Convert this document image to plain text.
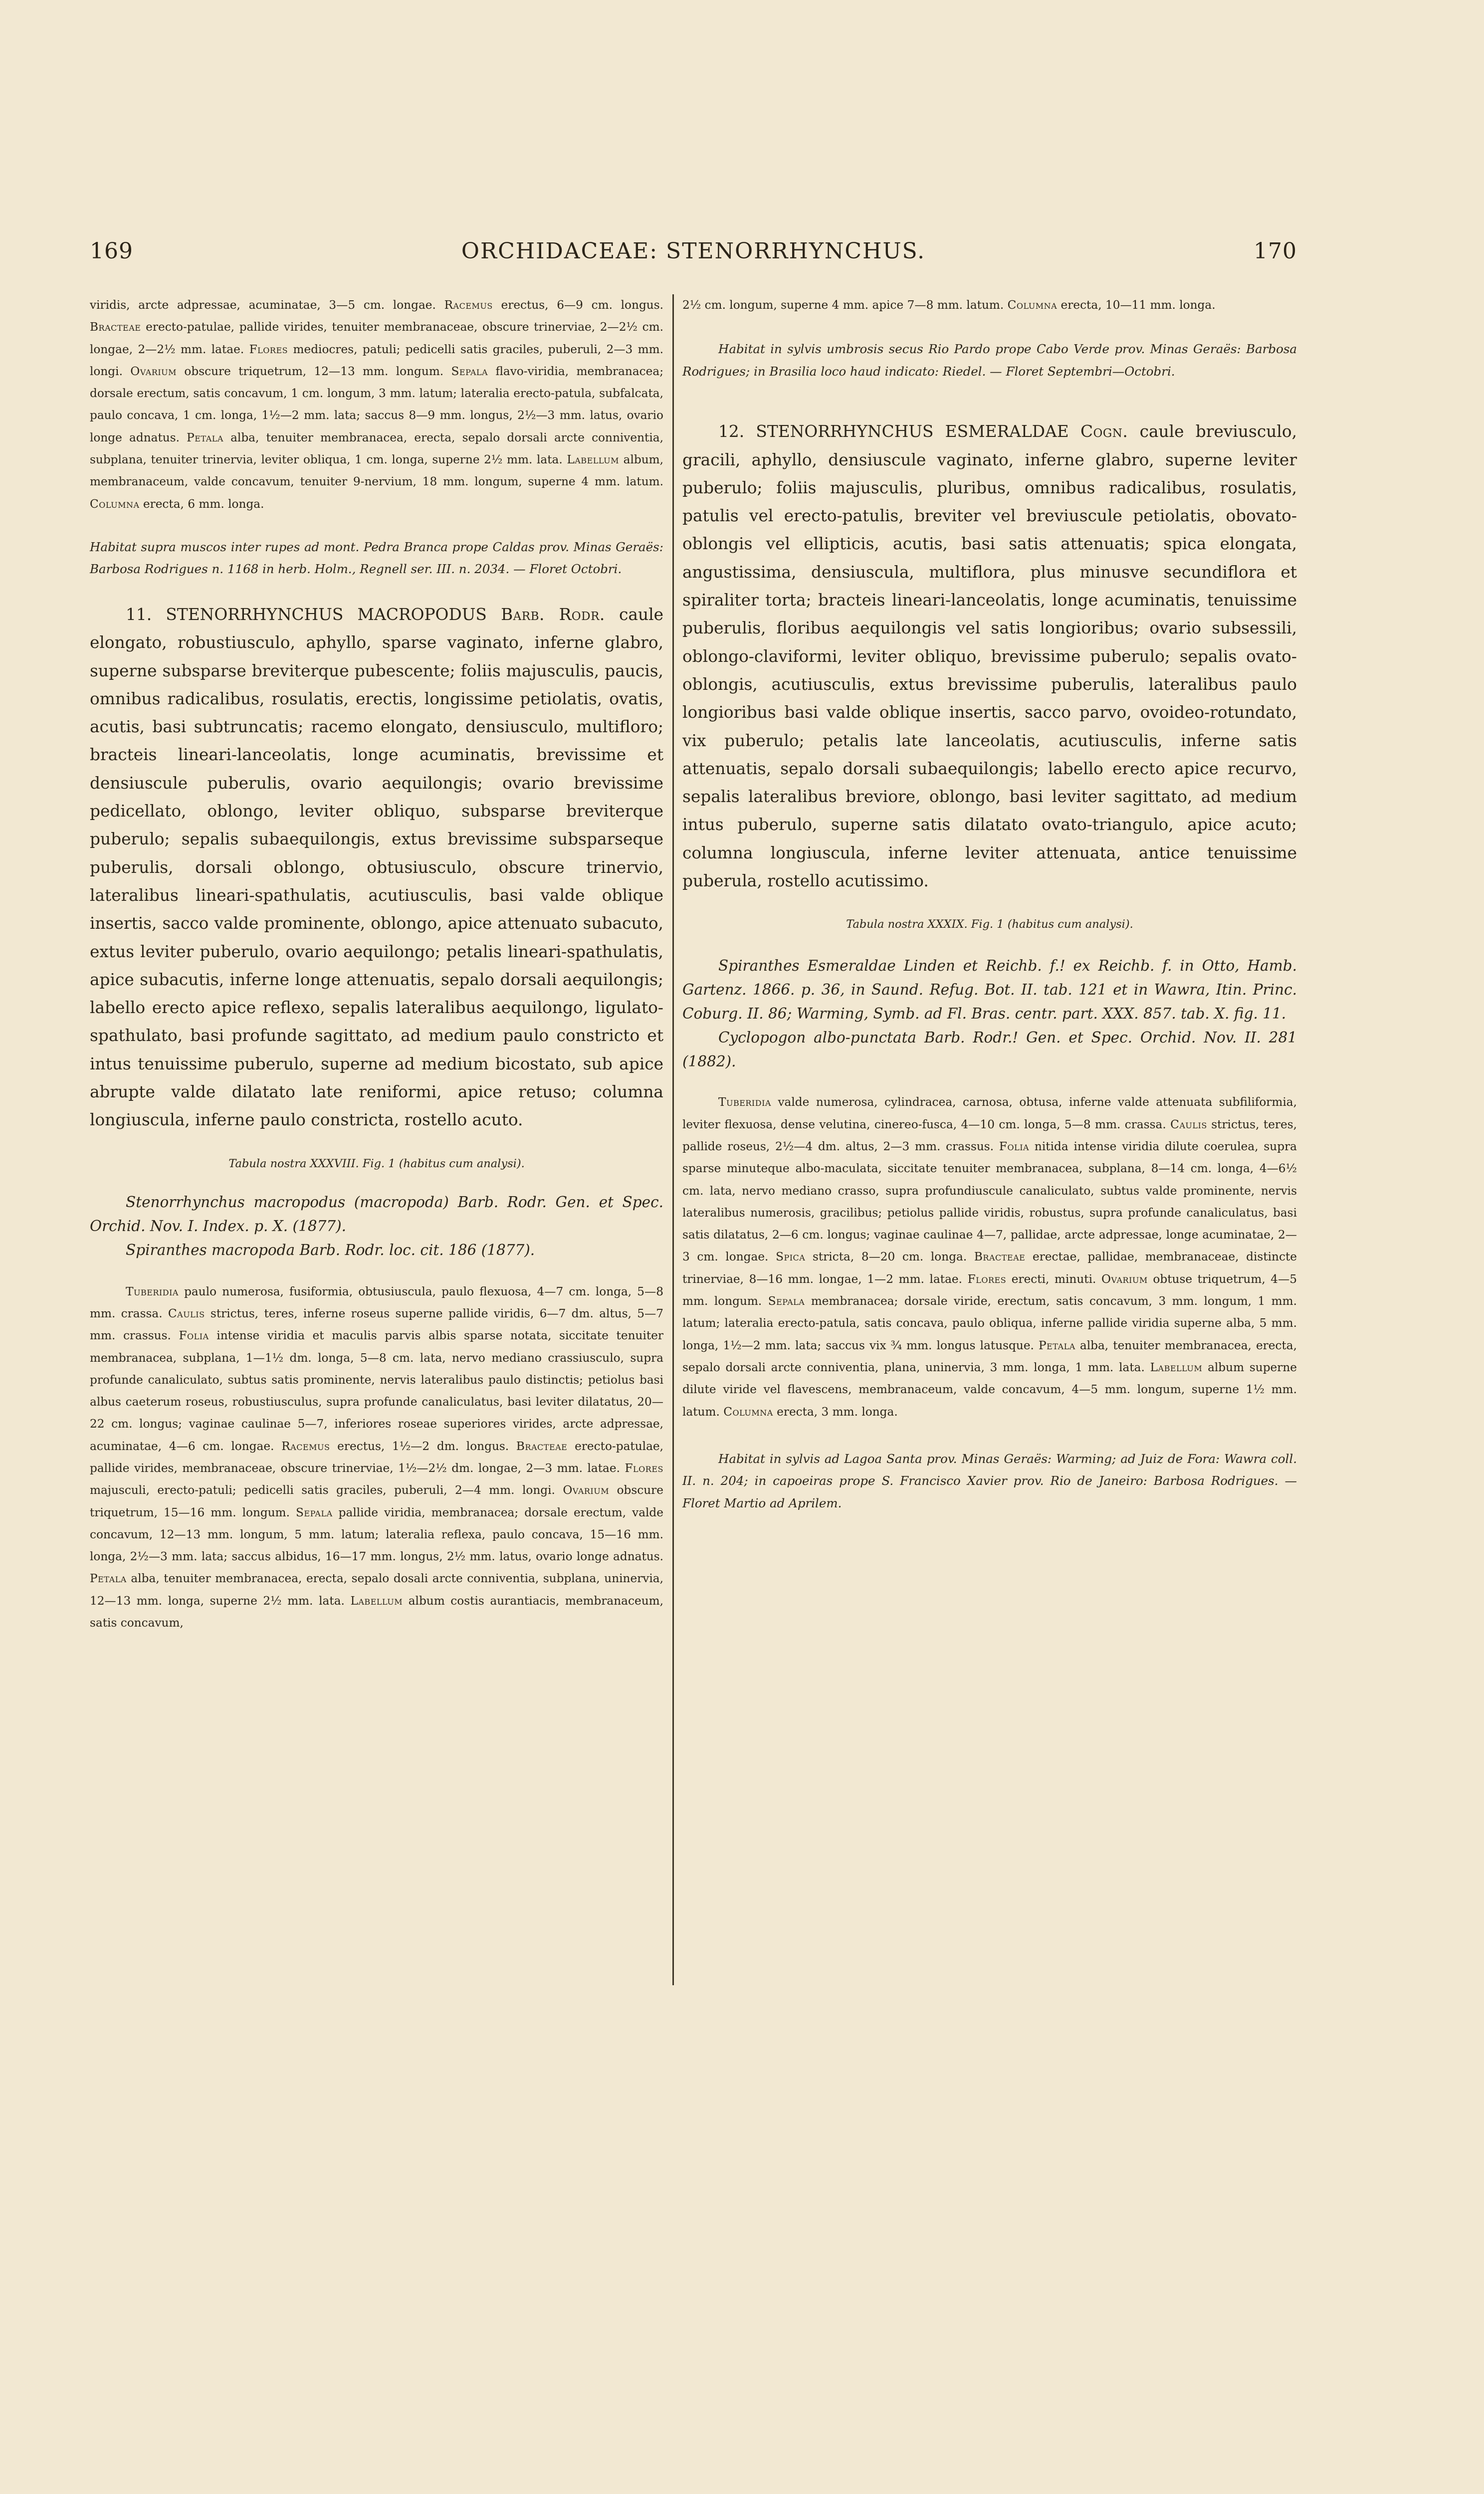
169	ORCHIDACEAE: STENORRHYNCHUS.	170

viridis, arcte adpressae, acuminatae, 3—5 cm. longae. Racemus erectus, 6—9 cm. longus. Bracteae erecto-patulae, pallide virides, tenuiter membranaceae, obscure trinerviae, 2—2½ cm. longae, 2—2½ mm. latae. Flores mediocres, patuli; pedicelli satis graciles, puberuli, 2—3 mm. longi. Ovarium obscure triquetrum, 12—13 mm. longum. Sepala flavo-viridia, membranacea; dorsale erectum, satis concavum, 1 cm. longum, 3 mm. latum; lateralia erecto-patula, subfalcata, paulo concava, 1 cm. longa, 1½—2 mm. lata; saccus 8—9 mm. longus, 2½—3 mm. latus, ovario longe adnatus. Petala alba, tenuiter membranacea, erecta, sepalo dorsali arcte conniventia, subplana, tenuiter trinervia, leviter obliqua, 1 cm. longa, superne 2½ mm. lata. Labellum album, membranaceum, valde concavum, tenuiter 9-nervium, 18 mm. longum, superne 4 mm. latum. Columna erecta, 6 mm. longa.

Habitat supra muscos inter rupes ad mont. Pedra Branca prope Caldas prov. Minas Geraës: Barbosa Rodrigues n. 1168 in herb. Holm., Regnell ser. III. n. 2034. — Floret Octobri.

11. STENORRHYNCHUS MACROPODUS Barb. Rodr. caule elongato, robustiusculo, aphyllo, sparse vaginato, inferne glabro, superne subsparse breviterque pubescente; foliis majusculis, paucis, omnibus radicalibus, rosulatis, erectis, longissime petiolatis, ovatis, acutis, basi subtruncatis; racemo elongato, densiusculo, multifloro; bracteis lineari-lanceolatis, longe acuminatis, brevissime et densiuscule puberulis, ovario aequilongis; ovario brevissime pedicellato, oblongo, leviter obliquo, subsparse breviterque puberulo; sepalis subaequilongis, extus brevissime subsparseque puberulis, dorsali oblongo, obtusiusculo, obscure trinervio, lateralibus lineari-spathulatis, acutiusculis, basi valde oblique insertis, sacco valde prominente, oblongo, apice attenuato subacuto, extus leviter puberulo, ovario aequilongo; petalis lineari-spathulatis, apice subacutis, inferne longe attenuatis, sepalo dorsali aequilongis; labello erecto apice reflexo, sepalis lateralibus aequilongo, ligulato-spathulato, basi profunde sagittato, ad medium paulo constricto et intus tenuissime puberulo, superne ad medium bicostato, sub apice abrupte valde dilatato late reniformi, apice retuso; columna longiuscula, inferne paulo constricta, rostello acuto.

Tabula nostra XXXVIII. Fig. 1 (habitus cum analysi).

Stenorrhynchus macropodus (macropoda) Barb. Rodr. Gen. et Spec. Orchid. Nov. I. Index. p. X. (1877).

Spiranthes macropoda Barb. Rodr. loc. cit. 186 (1877).

Tuberidia paulo numerosa, fusiformia, obtusiuscula, paulo flexuosa, 4—7 cm. longa, 5—8 mm. crassa. Caulis strictus, teres, inferne roseus superne pallide viridis, 6—7 dm. altus, 5—7 mm. crassus. Folia intense viridia et maculis parvis albis sparse notata, siccitate tenuiter membranacea, subplana, 1—1½ dm. longa, 5—8 cm. lata, nervo mediano crassiusculo, supra profunde canaliculato, subtus satis prominente, nervis lateralibus paulo distinctis; petiolus basi albus caeterum roseus, robustiusculus, supra profunde canaliculatus, basi leviter dilatatus, 20—22 cm. longus; vaginae caulinae 5—7, inferiores roseae superiores virides, arcte adpressae, acuminatae, 4—6 cm. longae. Racemus erectus, 1½—2 dm. longus. Bracteae erecto-patulae, pallide virides, membranaceae, obscure trinerviae, 1½—2½ dm. longae, 2—3 mm. latae. Flores majusculi, erecto-patuli; pedicelli satis graciles, puberuli, 2—4 mm. longi. Ovarium obscure triquetrum, 15—16 mm. longum. Sepala pallide viridia, membranacea; dorsale erectum, valde concavum, 12—13 mm. longum, 5 mm. latum; lateralia reflexa, paulo concava, 15—16 mm. longa, 2½—3 mm. lata; saccus albidus, 16—17 mm. longus, 2½ mm. latus, ovario longe adnatus. Petala alba, tenuiter membranacea, erecta, sepalo dosali arcte conniventia, subplana, uninervia, 12—13 mm. longa, superne 2½ mm. lata. Labellum album costis aurantiacis, membranaceum, satis concavum,

2½ cm. longum, superne 4 mm. apice 7—8 mm. latum. Columna erecta, 10—11 mm. longa.

Habitat in sylvis umbrosis secus Rio Pardo prope Cabo Verde prov. Minas Geraës: Barbosa Rodrigues; in Brasilia loco haud indicato: Riedel. — Floret Septembri—Octobri.

12. STENORRHYNCHUS ESMERALDAE Cogn. caule breviusculo, gracili, aphyllo, densiuscule vaginato, inferne glabro, superne leviter puberulo; foliis majusculis, pluribus, omnibus radicalibus, rosulatis, patulis vel erecto-patulis, breviter vel breviuscule petiolatis, obovato-oblongis vel ellipticis, acutis, basi satis attenuatis; spica elongata, angustissima, densiuscula, multiflora, plus minusve secundiflora et spiraliter torta; bracteis lineari-lanceolatis, longe acuminatis, tenuissime puberulis, floribus aequilongis vel satis longioribus; ovario subsessili, oblongo-claviformi, leviter obliquo, brevissime puberulo; sepalis ovato-oblongis, acutiusculis, extus brevissime puberulis, lateralibus paulo longioribus basi valde oblique insertis, sacco parvo, ovoideo-rotundato, vix puberulo; petalis late lanceolatis, acutiusculis, inferne satis attenuatis, sepalo dorsali subaequilongis; labello erecto apice recurvo, sepalis lateralibus breviore, oblongo, basi leviter sagittato, ad medium intus puberulo, superne satis dilatato ovato-triangulo, apice acuto; columna longiuscula, inferne leviter attenuata, antice tenuissime puberula, rostello acutissimo.

Tabula nostra XXXIX. Fig. 1 (habitus cum analysi).

Spiranthes Esmeraldae Linden et Reichb. f.! ex Reichb. f. in Otto, Hamb. Gartenz. 1866. p. 36, in Saund. Refug. Bot. II. tab. 121 et in Wawra, Itin. Princ. Coburg. II. 86; Warming, Symb. ad Fl. Bras. centr. part. XXX. 857. tab. X. fig. 11.

Cyclopogon albo-punctata Barb. Rodr.! Gen. et Spec. Orchid. Nov. II. 281 (1882).

Tuberidia valde numerosa, cylindracea, carnosa, obtusa, inferne valde attenuata subfiliformia, leviter flexuosa, dense velutina, cinereo-fusca, 4—10 cm. longa, 5—8 mm. crassa. Caulis strictus, teres, pallide roseus, 2½—4 dm. altus, 2—3 mm. crassus. Folia nitida intense viridia dilute coerulea, supra sparse minuteque albo-maculata, siccitate tenuiter membranacea, subplana, 8—14 cm. longa, 4—6½ cm. lata, nervo mediano crasso, supra profundiuscule canaliculato, subtus valde prominente, nervis lateralibus numerosis, gracilibus; petiolus pallide viridis, robustus, supra profunde canaliculatus, basi satis dilatatus, 2—6 cm. longus; vaginae caulinae 4—7, pallidae, arcte adpressae, longe acuminatae, 2—3 cm. longae. Spica stricta, 8—20 cm. longa. Bracteae erectae, pallidae, membranaceae, distincte trinerviae, 8—16 mm. longae, 1—2 mm. latae. Flores erecti, minuti. Ovarium obtuse triquetrum, 4—5 mm. longum. Sepala membranacea; dorsale viride, erectum, satis concavum, 3 mm. longum, 1 mm. latum; lateralia erecto-patula, satis concava, paulo obliqua, inferne pallide viridia superne alba, 5 mm. longa, 1½—2 mm. lata; saccus vix ¾ mm. longus latusque. Petala alba, tenuiter membranacea, erecta, sepalo dorsali arcte conniventia, plana, uninervia, 3 mm. longa, 1 mm. lata. Labellum album superne dilute viride vel flavescens, membranaceum, valde concavum, 4—5 mm. longum, superne 1½ mm. latum. Columna erecta, 3 mm. longa.

Habitat in sylvis ad Lagoa Santa prov. Minas Geraës: Warming; ad Juiz de Fora: Wawra coll. II. n. 204; in capoeiras prope S. Francisco Xavier prov. Rio de Janeiro: Barbosa Rodrigues. — Floret Martio ad Aprilem.
